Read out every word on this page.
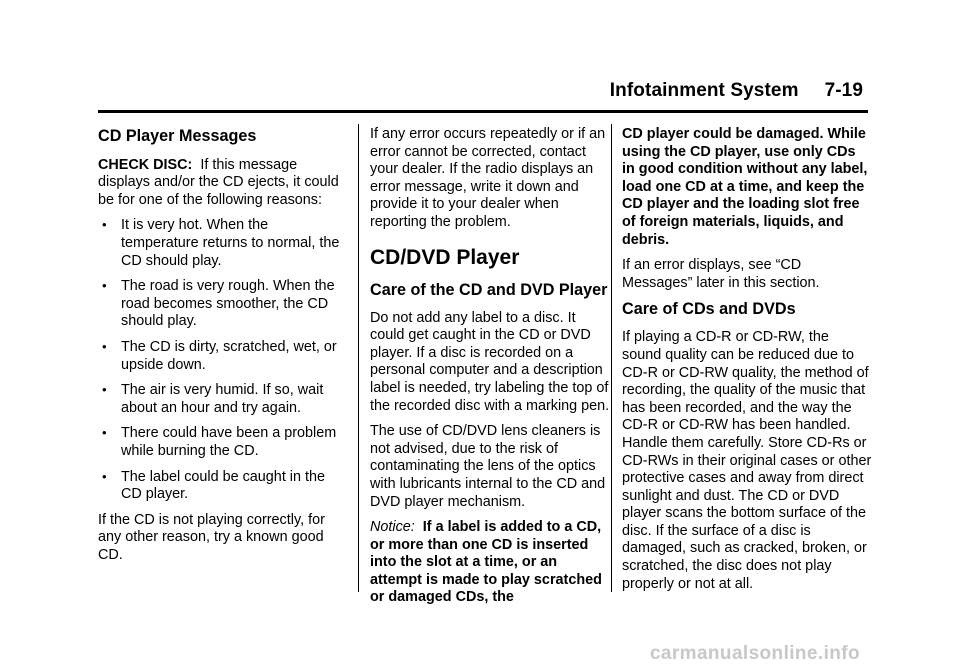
Infotainment System 7-19
CD Player Messages

CHECK DISC: If this message displays and/or the CD ejects, it could be for one of the following reasons:

• It is very hot. When the temperature returns to normal, the CD should play.
• The road is very rough. When the road becomes smoother, the CD should play.
• The CD is dirty, scratched, wet, or upside down.
• The air is very humid. If so, wait about an hour and try again.
• There could have been a problem while burning the CD.
• The label could be caught in the CD player.

If the CD is not playing correctly, for any other reason, try a known good CD.

If any error occurs repeatedly or if an error cannot be corrected, contact your dealer. If the radio displays an error message, write it down and provide it to your dealer when reporting the problem.

CD/DVD Player
Care of the CD and DVD Player

Do not add any label to a disc. It could get caught in the CD or DVD player. If a disc is recorded on a personal computer and a description label is needed, try labeling the top of the recorded disc with a marking pen.

The use of CD/DVD lens cleaners is not advised, due to the risk of contaminating the lens of the optics with lubricants internal to the CD and DVD player mechanism.

Notice: If a label is added to a CD, or more than one CD is inserted into the slot at a time, or an attempt is made to play scratched or damaged CDs, the

CD player could be damaged. While using the CD player, use only CDs in good condition without any label, load one CD at a time, and keep the CD player and the loading slot free of foreign materials, liquids, and debris.

If an error displays, see “CD Messages” later in this section.

Care of CDs and DVDs

If playing a CD-R or CD-RW, the sound quality can be reduced due to CD-R or CD-RW quality, the method of recording, the quality of the music that has been recorded, and the way the CD-R or CD-RW has been handled. Handle them carefully. Store CD-Rs or CD-RWs in their original cases or other protective cases and away from direct sunlight and dust. The CD or DVD player scans the bottom surface of the disc. If the surface of a disc is damaged, such as cracked, broken, or scratched, the disc does not play properly or not at all.

carmanualsonline.info
